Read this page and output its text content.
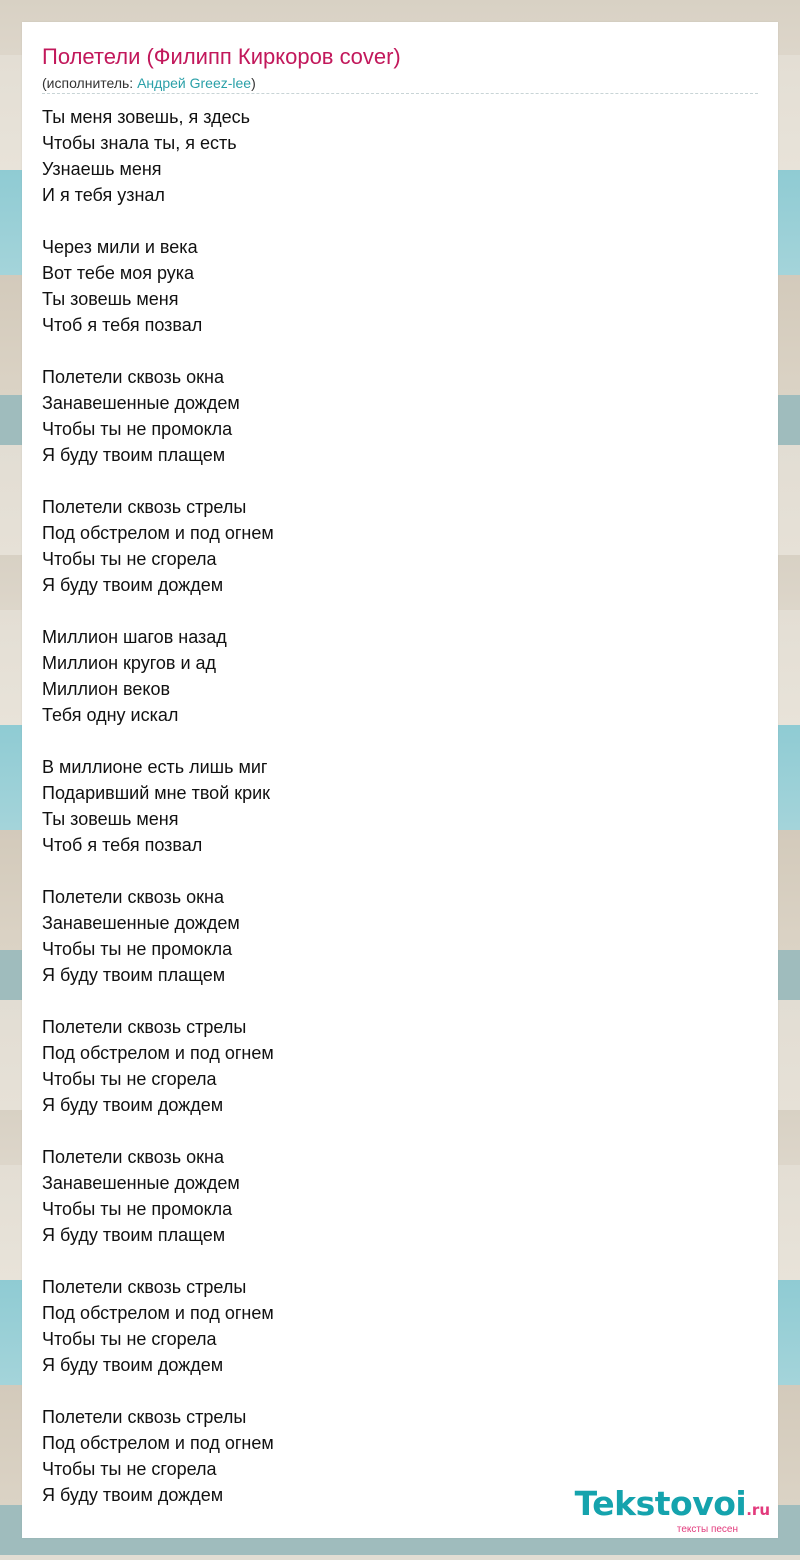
Полетели (Филипп Киркоров cover)
(исполнитель: Андрей Greez-lee)
Ты меня зовешь, я здесь
Чтобы знала ты, я есть
Узнаешь меня
И я тебя узнал
Через мили и века
Вот тебе моя рука
Ты зовешь меня
Чтоб я тебя позвал
Полетели сквозь окна
Занавешенные дождем
Чтобы ты не промокла
Я буду твоим плащем
Полетели сквозь стрелы
Под обстрелом и под огнем
Чтобы ты не сгорела
Я буду твоим дождем
Миллион шагов назад
Миллион кругов и ад
Миллион веков
Тебя одну искал
В миллионе есть лишь миг
Подаривший мне твой крик
Ты зовешь меня
Чтоб я тебя позвал
Полетели сквозь окна
Занавешенные дождем
Чтобы ты не промокла
Я буду твоим плащем
Полетели сквозь стрелы
Под обстрелом и под огнем
Чтобы ты не сгорела
Я буду твоим дождем
Полетели сквозь окна
Занавешенные дождем
Чтобы ты не промокла
Я буду твоим плащем
Полетели сквозь стрелы
Под обстрелом и под огнем
Чтобы ты не сгорела
Я буду твоим дождем
Полетели сквозь стрелы
Под обстрелом и под огнем
Чтобы ты не сгорела
Я буду твоим дождем	Tekstovoi.ru
тексты песен
